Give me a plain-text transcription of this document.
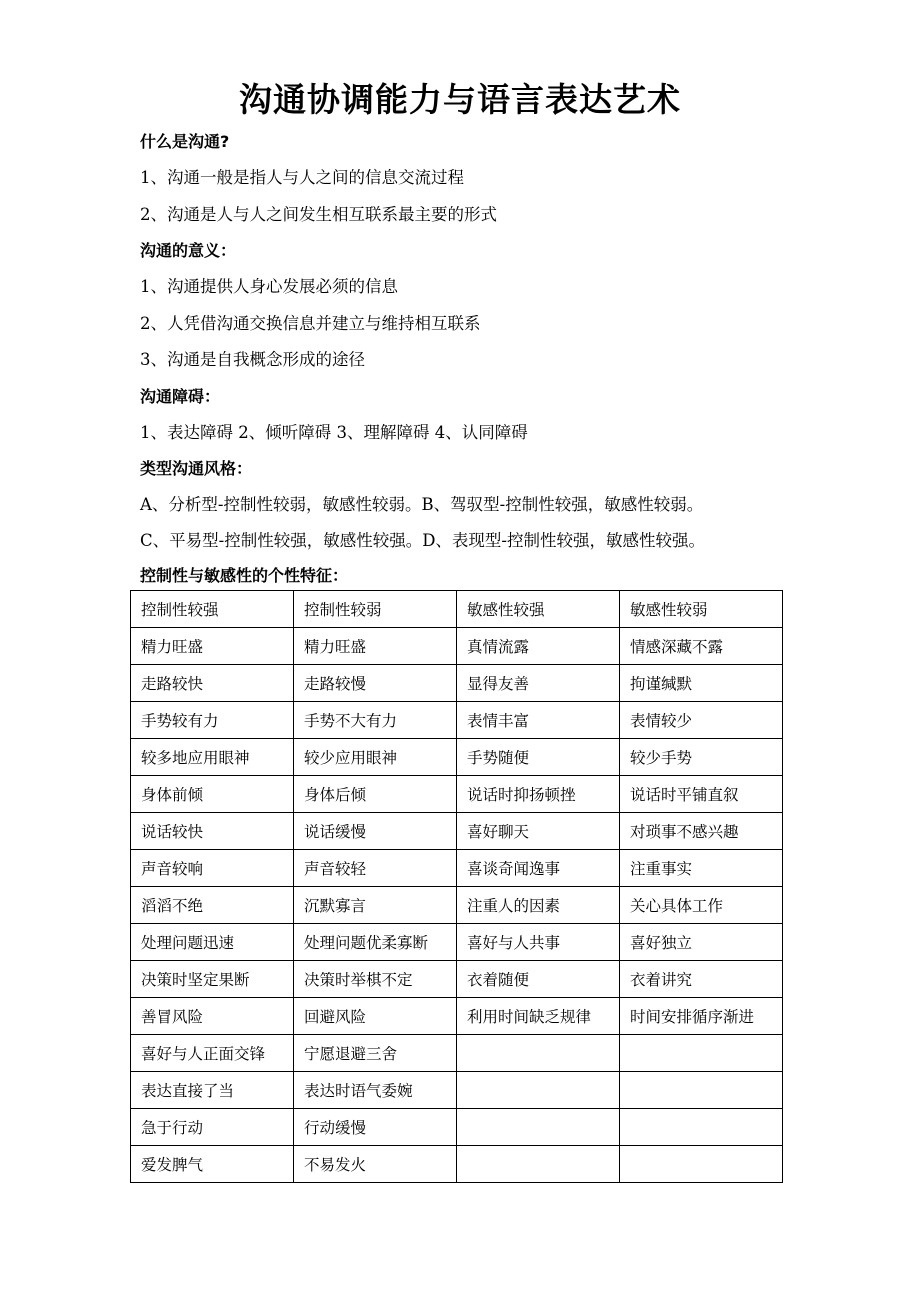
沟通协调能力与语言表达艺术
什么是沟通?
1、沟通一般是指人与人之间的信息交流过程
2、沟通是人与人之间发生相互联系最主要的形式
沟通的意义：
1、沟通提供人身心发展必须的信息
2、人凭借沟通交换信息并建立与维持相互联系
3、沟通是自我概念形成的途径
沟通障碍：
1、表达障碍 2、倾听障碍 3、理解障碍 4、认同障碍
类型沟通风格：
A、分析型-控制性较弱，敏感性较弱。B、驾驭型-控制性较强，敏感性较弱。
C、平易型-控制性较强，敏感性较强。D、表现型-控制性较强，敏感性较强。
控制性与敏感性的个性特征：
控制性较强	控制性较弱	敏感性较强	敏感性较弱
精力旺盛	精力旺盛	真情流露	情感深藏不露
走路较快	走路较慢	显得友善	拘谨缄默
手势较有力	手势不大有力	表情丰富	表情较少
较多地应用眼神	较少应用眼神	手势随便	较少手势
身体前倾	身体后倾	说话时抑扬顿挫	说话时平铺直叙
说话较快	说话缓慢	喜好聊天	对琐事不感兴趣
声音较响	声音较轻	喜谈奇闻逸事	注重事实
滔滔不绝	沉默寡言	注重人的因素	关心具体工作
处理问题迅速	处理问题优柔寡断	喜好与人共事	喜好独立
决策时坚定果断	决策时举棋不定	衣着随便	衣着讲究
善冒风险	回避风险	利用时间缺乏规律	时间安排循序渐进
喜好与人正面交锋	宁愿退避三舍		
表达直接了当	表达时语气委婉		
急于行动	行动缓慢		
爱发脾气	不易发火		
